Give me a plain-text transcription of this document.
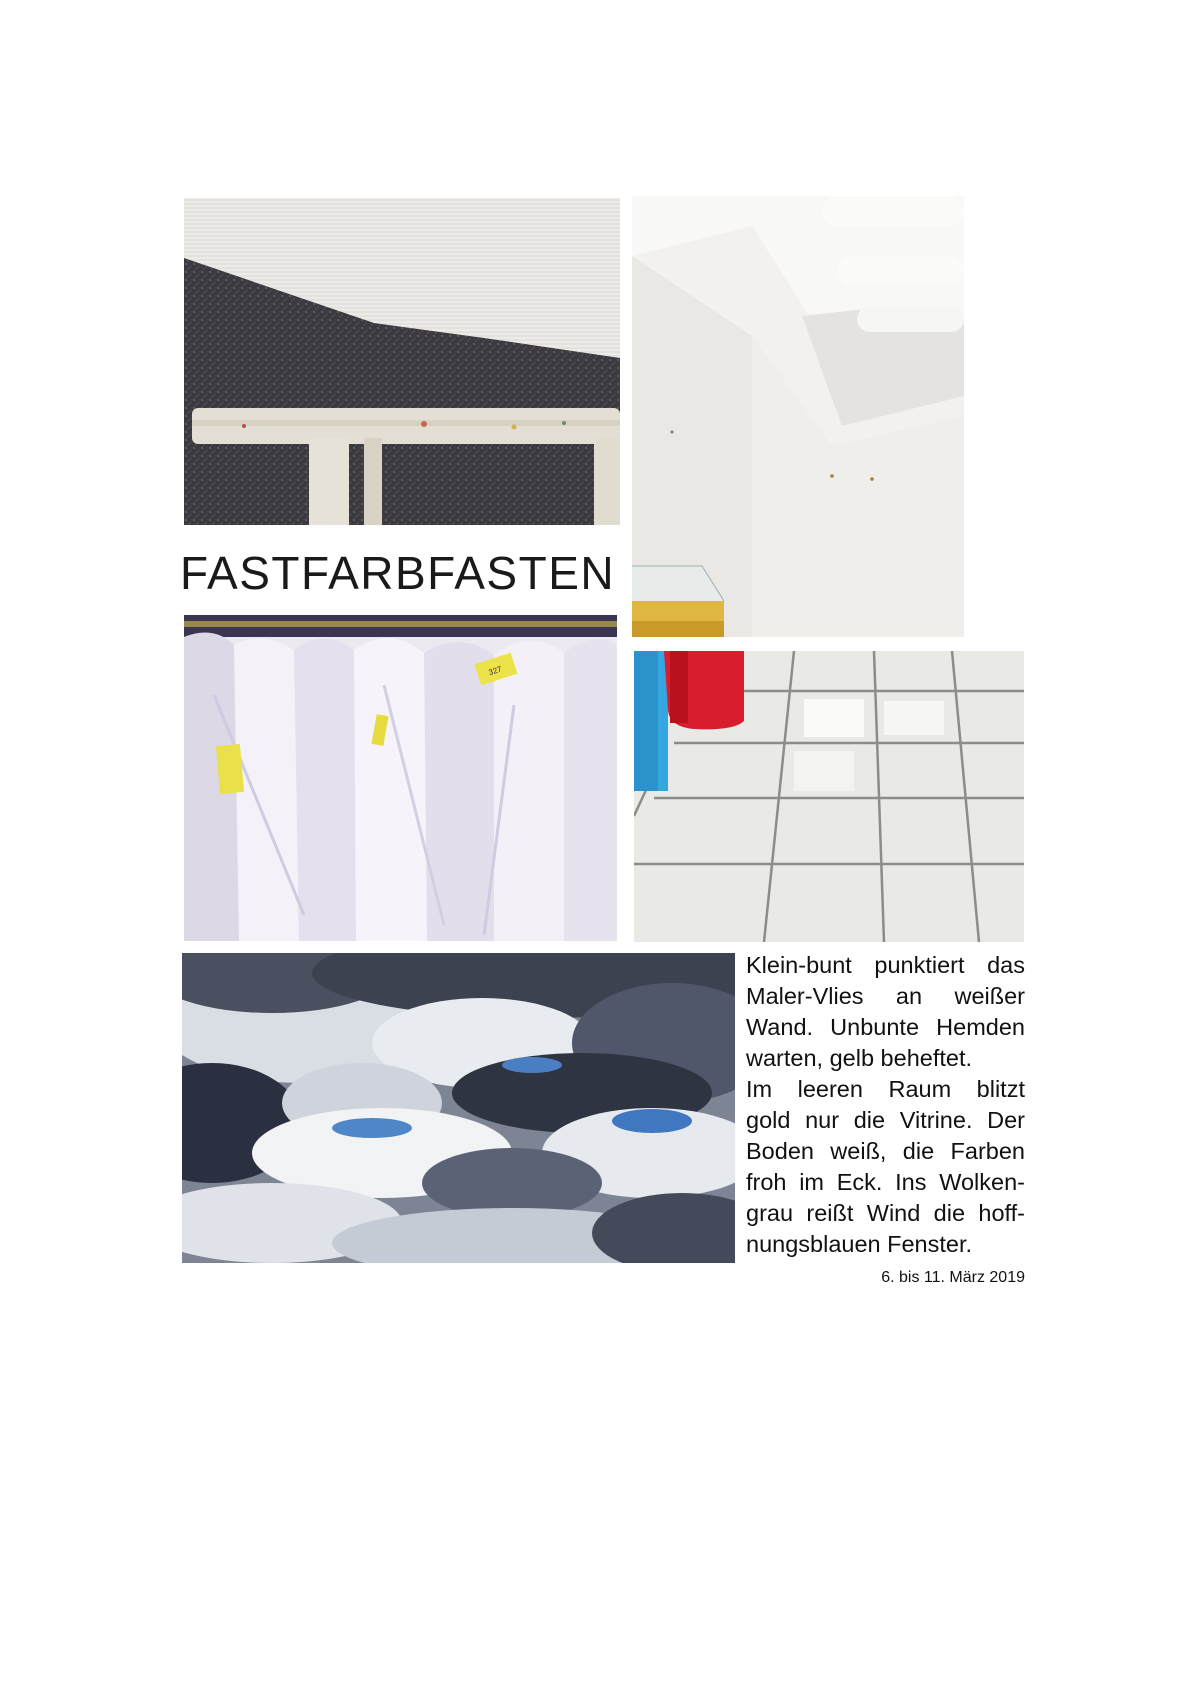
FASTFARBFASTEN
327
Klein-bunt punktiert das
Maler-Vlies an weißer
Wand. Unbunte Hemden
warten, gelb beheftet.
Im leeren Raum blitzt
gold nur die Vitrine. Der
Boden weiß, die Farben
froh im Eck. Ins Wolken-
grau reißt Wind die hoff-
nungsblauen Fenster.
6. bis 11. März 2019
